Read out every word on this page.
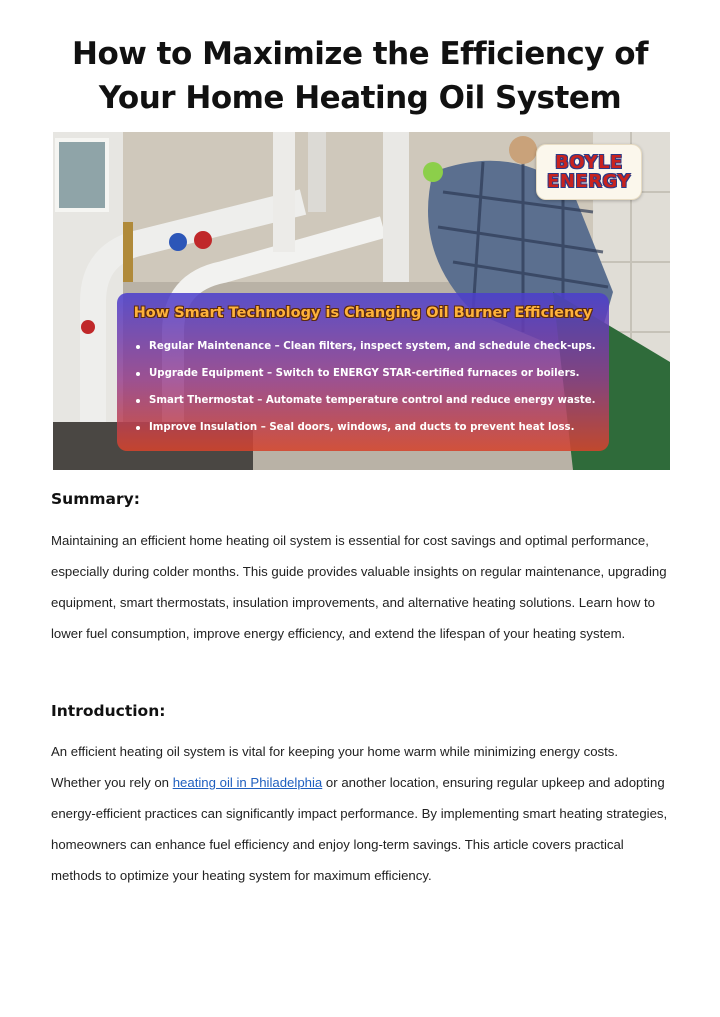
How to Maximize the Efficiency of
Your Home Heating Oil System
BOYLE
ENERGY
How Smart Technology is Changing Oil Burner Efficiency
Regular Maintenance – Clean filters, inspect system, and schedule check-ups.
Upgrade Equipment – Switch to ENERGY STAR-certified furnaces or boilers.
Smart Thermostat – Automate temperature control and reduce energy waste.
Improve Insulation – Seal doors, windows, and ducts to prevent heat loss.
Summary:

Maintaining an efficient home heating oil system is essential for cost savings and optimal performance, especially during colder months. This guide provides valuable insights on regular maintenance, upgrading equipment, smart thermostats, insulation improvements, and alternative heating solutions. Learn how to lower fuel consumption, improve energy efficiency, and extend the lifespan of your heating system.

Introduction:

An efficient heating oil system is vital for keeping your home warm while minimizing energy costs. Whether you rely on heating oil in Philadelphia or another location, ensuring regular upkeep and adopting energy-efficient practices can significantly impact performance. By implementing smart heating strategies, homeowners can enhance fuel efficiency and enjoy long-term savings. This article covers practical methods to optimize your heating system for maximum efficiency.
